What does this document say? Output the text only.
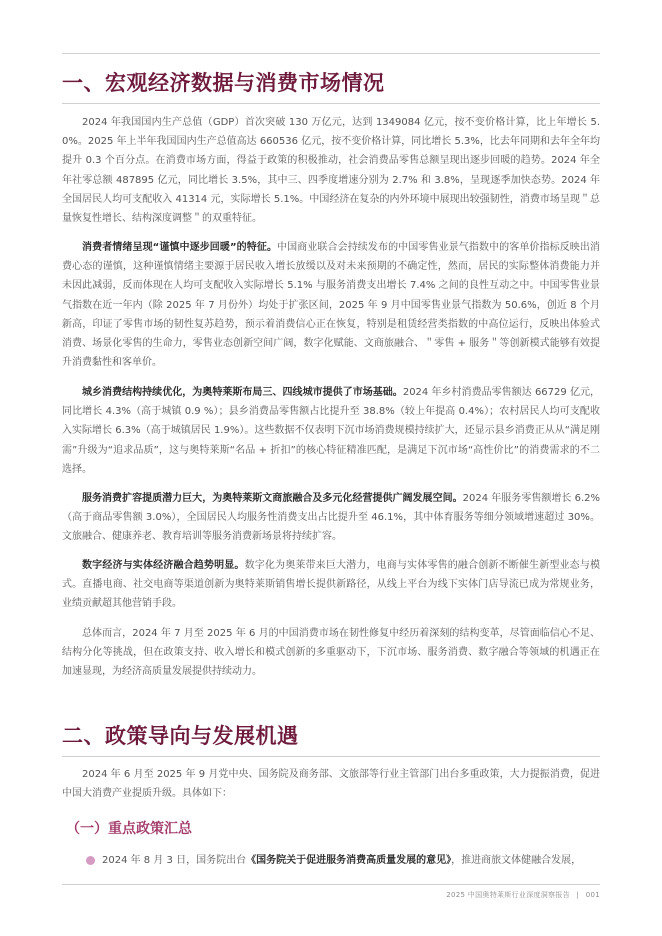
一、宏观经济数据与消费市场情况

2024 年我国国内生产总值（GDP）首次突破 130 万亿元，达到 1349084 亿元，按不变价格计算，比上年增长 5.0%。2025 年上半年我国国内生产总值高达 660536 亿元，按不变价格计算，同比增长 5.3%，比去年同期和去年全年均提升 0.3 个百分点。在消费市场方面，得益于政策的积极推动，社会消费品零售总额呈现出逐步回暖的趋势。2024 年全年社零总额 487895 亿元，同比增长 3.5%，其中三、四季度增速分别为 2.7% 和 3.8%，呈现逐季加快态势。2024 年全国居民人均可支配收入 41314 元，实际增长 5.1%。中国经济在复杂的内外环境中展现出较强韧性，消费市场呈现＂总量恢复性增长、结构深度调整＂的双重特征。

消费者情绪呈现“谨慎中逐步回暖”的特征。中国商业联合会持续发布的中国零售业景气指数中的客单价指标反映出消费心态的谨慎，这种谨慎情绪主要源于居民收入增长放缓以及对未来预期的不确定性，然而，居民的实际整体消费能力并未因此减弱，反而体现在人均可支配收入实际增长 5.1% 与服务消费支出增长 7.4% 之间的良性互动之中。中国零售业景气指数在近一年内（除 2025 年 7 月份外）均处于扩张区间，2025 年 9 月中国零售业景气指数为 50.6%，创近 8 个月新高，印证了零售市场的韧性复苏趋势，预示着消费信心正在恢复，特别是租赁经营类指数的中高位运行，反映出体验式消费、场景化零售的生命力，零售业态创新空间广阔，数字化赋能、文商旅融合、＂零售 + 服务＂等创新模式能够有效提升消费黏性和客单价。

城乡消费结构持续优化，为奥特莱斯布局三、四线城市提供了市场基础。2024 年乡村消费品零售额达 66729 亿元，同比增长 4.3%（高于城镇 0.9 %）；县乡消费品零售额占比提升至 38.8%（较上年提高 0.4%）；农村居民人均可支配收入实际增长 6.3%（高于城镇居民 1.9%）。这些数据不仅表明下沉市场消费规模持续扩大，还显示县乡消费正从从“满足刚需”升级为“追求品质”，这与奥特莱斯“名品 + 折扣”的核心特征精准匹配，是满足下沉市场“高性价比”的消费需求的不二选择。

服务消费扩容提质潜力巨大，为奥特莱斯文商旅融合及多元化经营提供广阔发展空间。2024 年服务零售额增长 6.2%（高于商品零售额 3.0%），全国居民人均服务性消费支出占比提升至 46.1%，其中体育服务等细分领域增速超过 30%。文旅融合、健康养老、教育培训等服务消费新场景将持续扩容。

数字经济与实体经济融合趋势明显。数字化为奥莱带来巨大潜力，电商与实体零售的融合创新不断催生新型业态与模式。直播电商、社交电商等渠道创新为奥特莱斯销售增长提供新路径，从线上平台为线下实体门店导流已成为常规业务，业绩贡献超其他营销手段。

总体而言，2024 年 7 月至 2025 年 6 月的中国消费市场在韧性修复中经历着深刻的结构变革，尽管面临信心不足、结构分化等挑战，但在政策支持、收入增长和模式创新的多重驱动下，下沉市场、服务消费、数字融合等领域的机遇正在加速显现，为经济高质量发展提供持续动力。

二、政策导向与发展机遇

2024 年 6 月至 2025 年 9 月党中央、国务院及商务部、文旅部等行业主管部门出台多重政策，大力提振消费，促进中国大消费产业提质升级。具体如下：

（一）重点政策汇总
2024 年 8 月 3 日，国务院出台《国务院关于促进服务消费高质量发展的意见》，推进商旅文体健融合发展，
2025 中国奥特莱斯行业深度洞察报告 | 001
